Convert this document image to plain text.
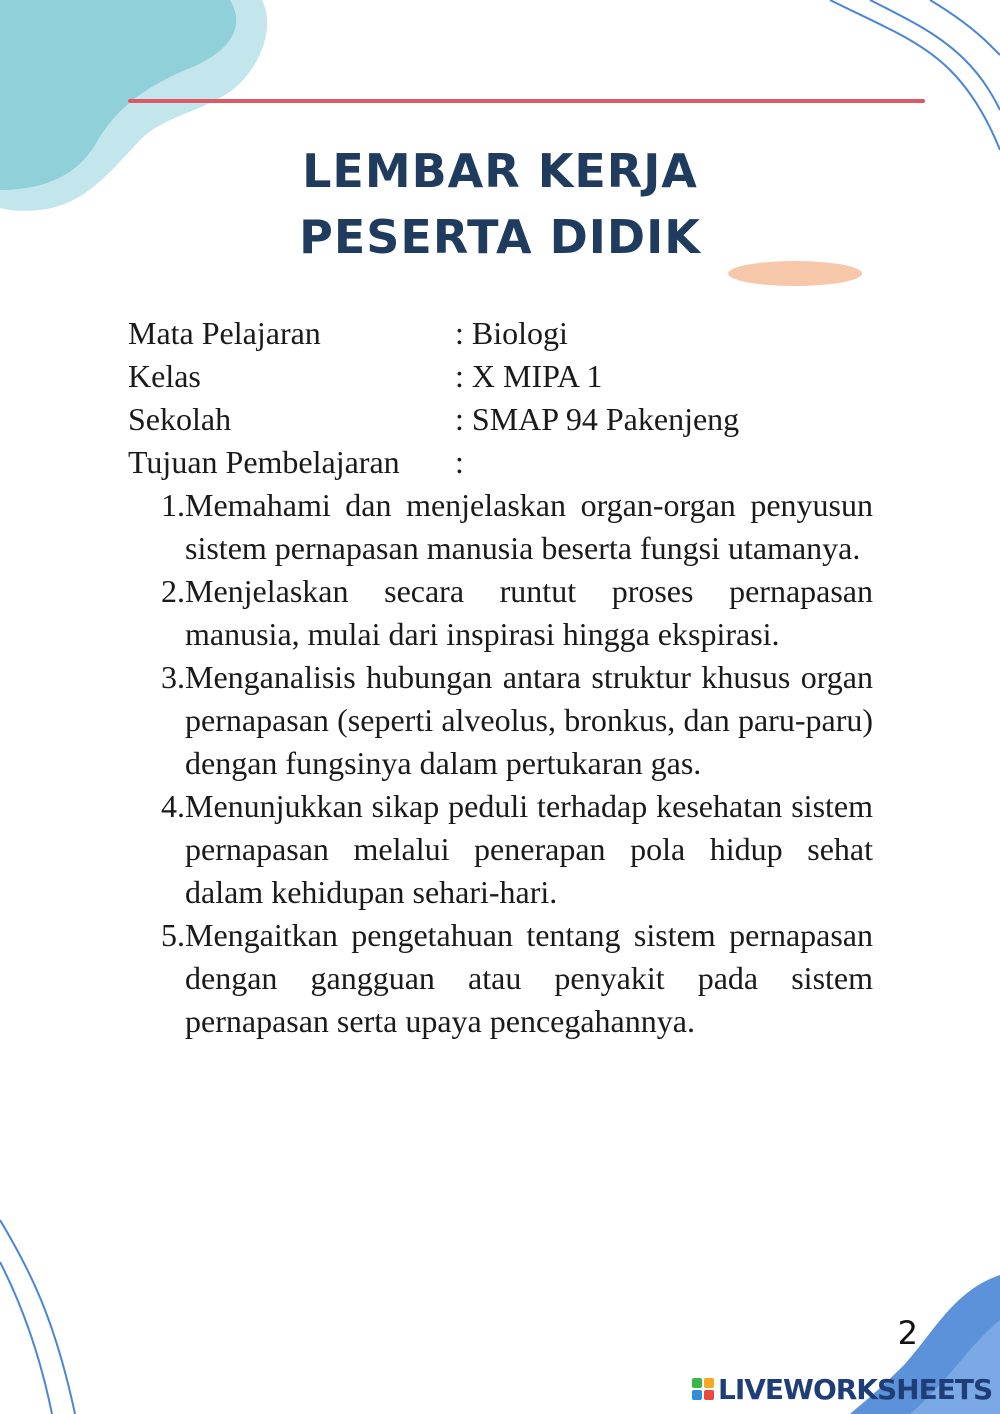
LEMBAR KERJA PESERTA DIDIK
Mata Pelajaran	: Biologi
Kelas	: X MIPA 1
Sekolah	: SMAP 94 Pakenjeng
Tujuan Pembelajaran	:
1. Memahami dan menjelaskan organ-organ penyusun sistem pernapasan manusia beserta fungsi utamanya.
2. Menjelaskan secara runtut proses pernapasan manusia, mulai dari inspirasi hingga ekspirasi.
3. Menganalisis hubungan antara struktur khusus organ pernapasan (seperti alveolus, bronkus, dan paru-paru) dengan fungsinya dalam pertukaran gas.
4. Menunjukkan sikap peduli terhadap kesehatan sistem pernapasan melalui penerapan pola hidup sehat dalam kehidupan sehari-hari.
5. Mengaitkan pengetahuan tentang sistem pernapasan dengan gangguan atau penyakit pada sistem pernapasan serta upaya pencegahannya.
2
LIVEWORKSHEETS
